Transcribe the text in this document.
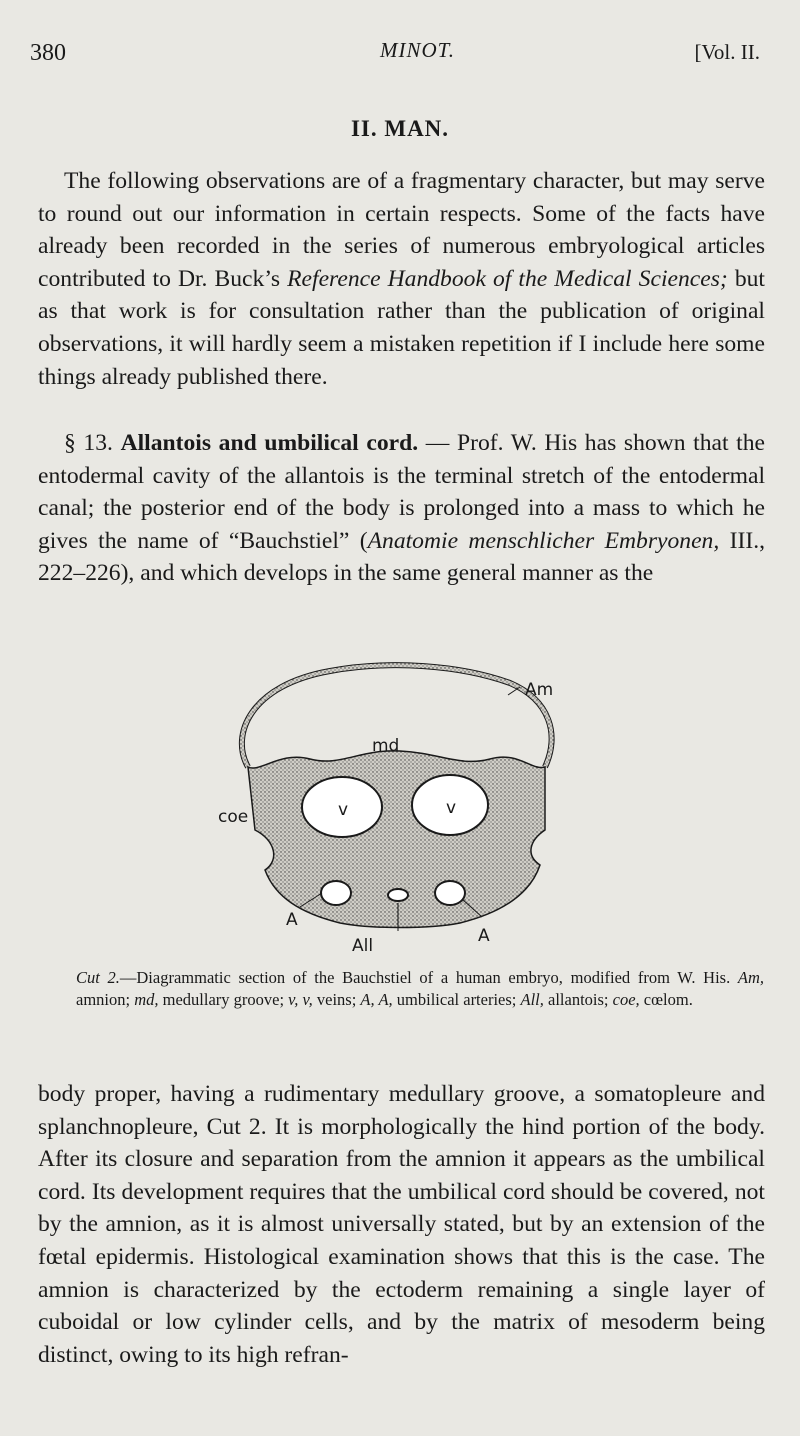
380	MINOT.	[Vol. II.
II. MAN.

The following observations are of a fragmentary character, but may serve to round out our information in certain respects. Some of the facts have already been recorded in the series of numerous embryological articles contributed to Dr. Buck’s Reference Handbook of the Medical Sciences; but as that work is for consultation rather than the publication of original observations, it will hardly seem a mistaken repetition if I include here some things already published there.

§ 13. Allantois and umbilical cord. — Prof. W. His has shown that the entodermal cavity of the allantois is the terminal stretch of the entodermal canal; the posterior end of the body is prolonged into a mass to which he gives the name of “Bauchstiel” (Anatomie menschlicher Embryonen, III., 222–226), and which develops in the same general manner as the

Am
md
v	v
coe
A
A
All
Cut 2.—Diagrammatic section of the Bauchstiel of a human embryo, modified from W. His. Am, amnion; md, medullary groove; v, v, veins; A, A, umbilical arteries; All, allantois; coe, cœlom.

body proper, having a rudimentary medullary groove, a somatopleure and splanchnopleure, Cut 2. It is morphologically the hind portion of the body. After its closure and separation from the amnion it appears as the umbilical cord. Its development requires that the umbilical cord should be covered, not by the amnion, as it is almost universally stated, but by an extension of the fœtal epidermis. Histological examination shows that this is the case. The amnion is characterized by the ectoderm remaining a single layer of cuboidal or low cylinder cells, and by the matrix of mesoderm being distinct, owing to its high refran-
